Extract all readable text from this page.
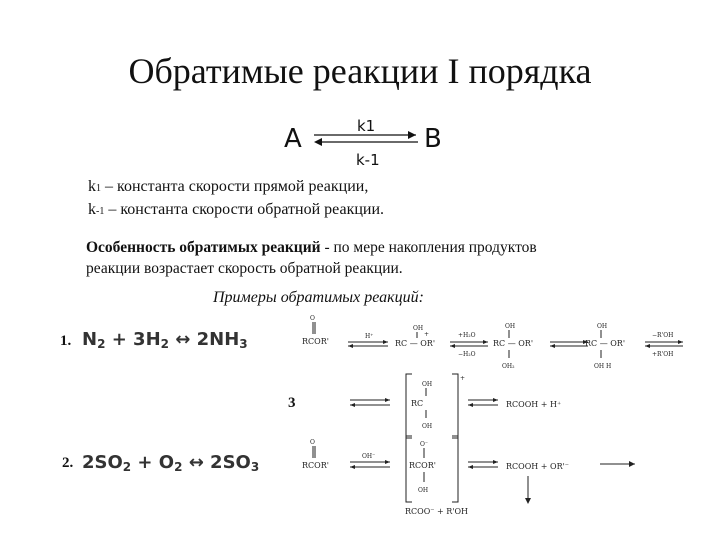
Обратимые реакции I порядка
A	k1
k-1
B
k1 – константа скорости прямой реакции,
k-1 – константа скорости обратной реакции.
Особенность обратимых реакций - по мере накопления продуктов
реакции возрастает скорость обратной реакции.
Примеры обратимых реакций:
1. $N_2 + 3H_2$ ↔ $2NH_3$
2. $2SO_2 + O_2$ ↔ $2SO_3$
3
O
RCOR'
H⁺
OH
RC — OR'
+	+H₂O
−H₂O
OH
RC — OR'
OH₂
OH
RC — OR'
OH H
−R'OH
+R'OH
OH
+
RC
OH
RCOOH + H⁺
O
RCOR'
OH⁻
O⁻
RCOR'
OH
RCOOH + OR'⁻
RCOO⁻ + R'OH
